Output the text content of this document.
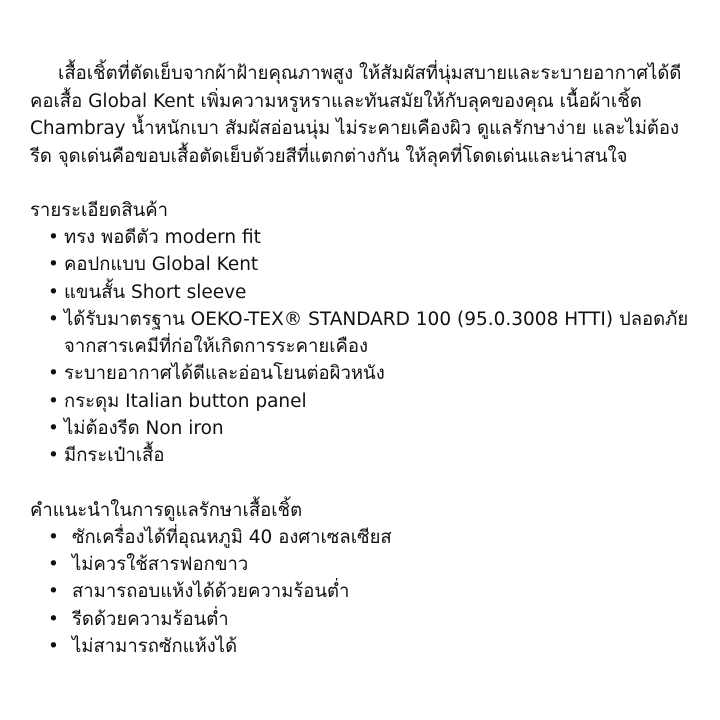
เสื้อเชิ้ตที่ตัดเย็บจากผ้าฝ้ายคุณภาพสูง ให้สัมผัสที่นุ่มสบายและระบายอากาศได้ดี คอเสื้อ Global Kent เพิ่มความหรูหราและทันสมัยให้กับลุคของคุณ เนื้อผ้าเชิ้ต Chambray น้ำหนักเบา สัมผัสอ่อนนุ่ม ไม่ระคายเคืองผิว ดูแลรักษาง่าย และไม่ต้องรีด จุดเด่นคือขอบเสื้อตัดเย็บด้วยสีที่แตกต่างกัน ให้ลุคที่โดดเด่นและน่าสนใจ

รายระเอียดสินค้า
• ทรง พอดีตัว modern fit
• คอปกแบบ Global Kent
• แขนสั้น Short sleeve
• ได้รับมาตรฐาน OEKO-TEX® STANDARD 100 (95.0.3008 HTTI) ปลอดภัยจากสารเคมีที่ก่อให้เกิดการระคายเคือง
• ระบายอากาศได้ดีและอ่อนโยนต่อผิวหนัง
• กระดุม Italian button panel
• ไม่ต้องรีด Non iron
• มีกระเป๋าเสื้อ
คำแนะนำในการดูแลรักษาเสื้อเชิ้ต
• ซักเครื่องได้ที่อุณหภูมิ 40 องศาเซลเซียส
• ไม่ควรใช้สารฟอกขาว
• สามารถอบแห้งได้ด้วยความร้อนต่ำ
• รีดด้วยความร้อนต่ำ
• ไม่สามารถซักแห้งได้
